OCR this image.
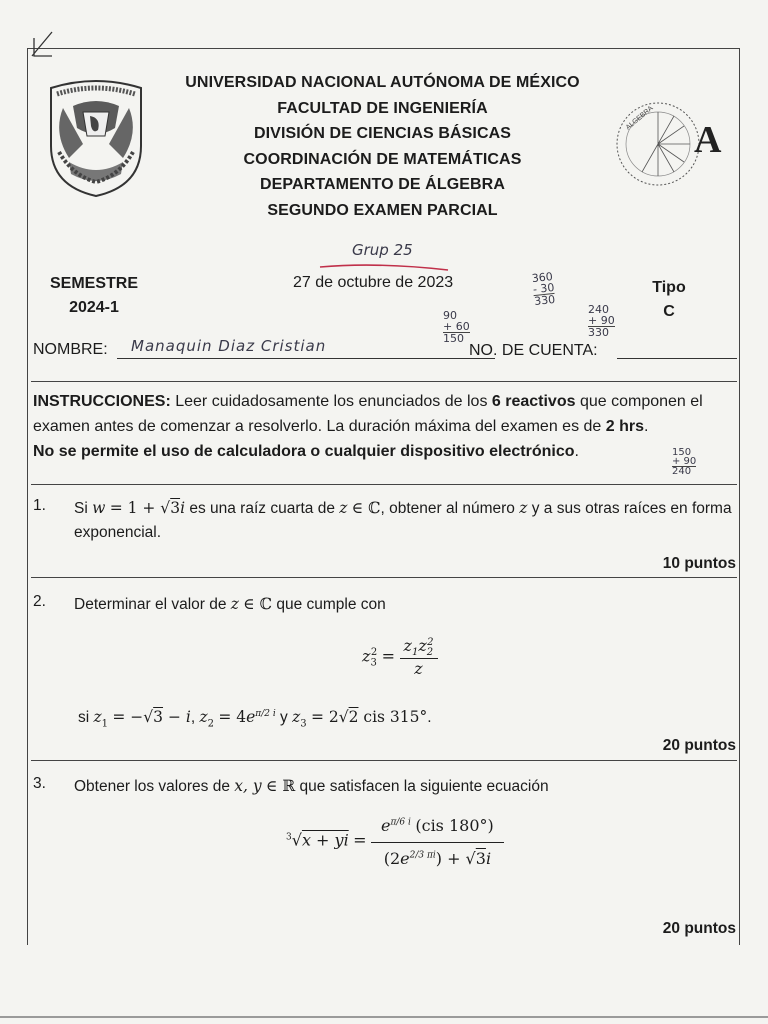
ALGEBRA
A
UNIVERSIDAD NACIONAL AUTÓNOMA DE MÉXICO
FACULTAD DE INGENIERÍA
DIVISIÓN DE CIENCIAS BÁSICAS
COORDINACIÓN DE MATEMÁTICAS
DEPARTAMENTO DE ÁLGEBRA
SEGUNDO EXAMEN PARCIAL
Grup 25
SEMESTRE
2024-1
27 de octubre de 2023	Tipo
C
360
- 30
330
240
+ 90
330
90
+ 60
150
150
+ 90
240
NOMBRE: Manaquin Diaz Cristian	NO. DE CUENTA:
INSTRUCCIONES: Leer cuidadosamente los enunciados de los 6 reactivos que componen el examen antes de comenzar a resolverlo. La duración máxima del examen es de 2 hrs.
No se permite el uso de calculadora o cualquier dispositivo electrónico.
1. Si w = 1 + √3i es una raíz cuarta de z ∈ ℂ, obtener al número z y a sus otras raíces en forma exponencial.
10 puntos
2. Determinar el valor de z ∈ ℂ que cumple con
$z_3^2 = \frac{z_1z_2^2}{z}$
si $z_1 = -√3 - i$, $z_2 = 4e^{\pi/2 i}$ y $z_3 = 2√2$ cis 315°.
20 puntos
3. Obtener los valores de x, y ∈ ℝ que satisfacen la siguiente ecuación
$^3$√x + yi = $\frac{e^{\pi/6 i} (cis 180^\circ)}{(2e^{2/3 \pi i}) + √3i}$
20 puntos
